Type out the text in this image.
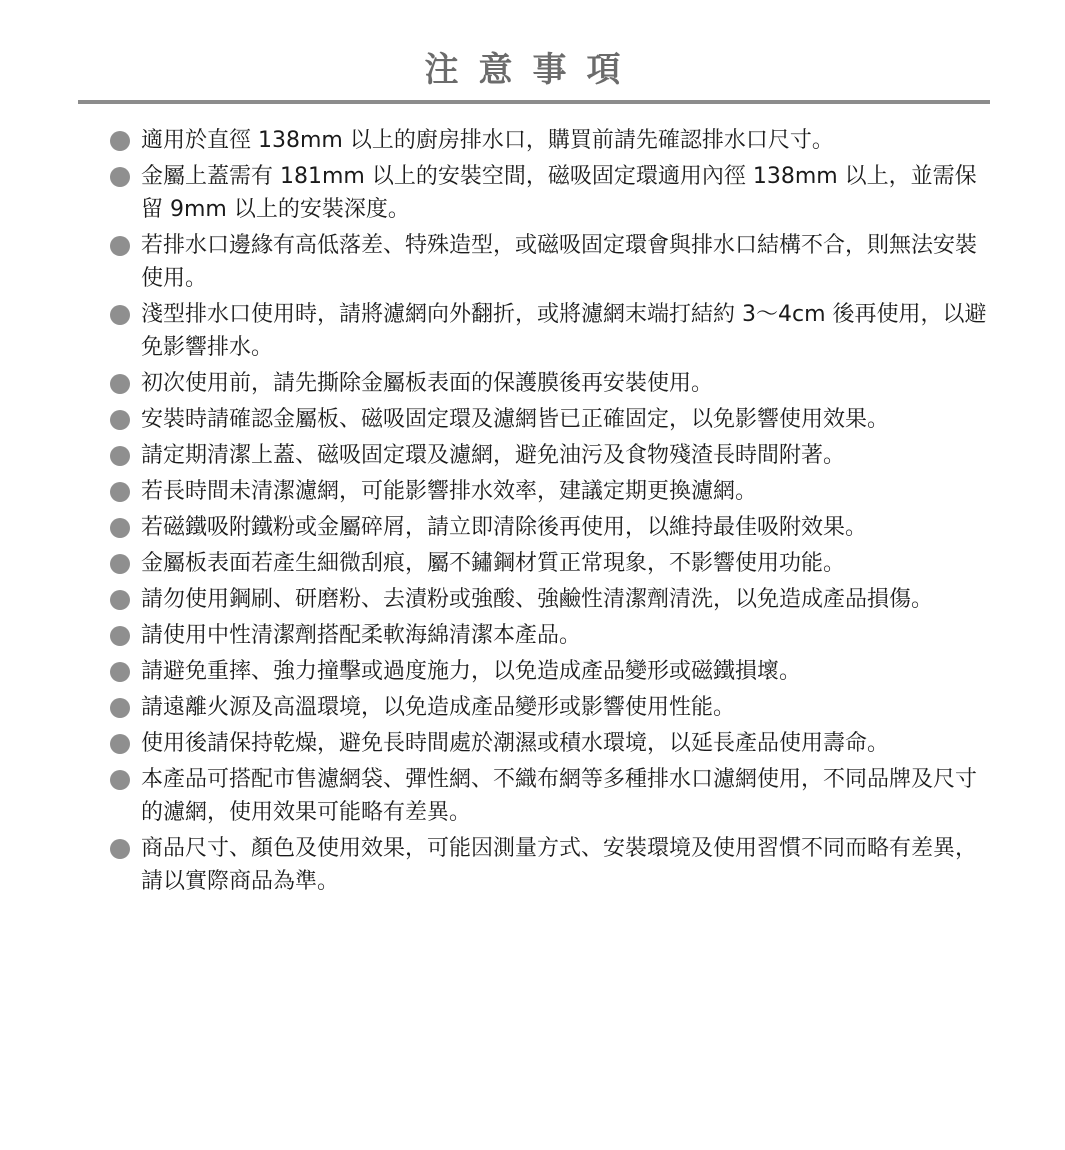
注意事項
適用於直徑 138mm 以上的廚房排水口，購買前請先確認排水口尺寸。
金屬上蓋需有 181mm 以上的安裝空間，磁吸固定環適用內徑 138mm 以上，並需保留 9mm 以上的安裝深度。
若排水口邊緣有高低落差、特殊造型，或磁吸固定環會與排水口結構不合，則無法安裝使用。
淺型排水口使用時，請將濾網向外翻折，或將濾網末端打結約 3～4cm 後再使用，以避免影響排水。
初次使用前，請先撕除金屬板表面的保護膜後再安裝使用。
安裝時請確認金屬板、磁吸固定環及濾網皆已正確固定，以免影響使用效果。
請定期清潔上蓋、磁吸固定環及濾網，避免油污及食物殘渣長時間附著。
若長時間未清潔濾網，可能影響排水效率，建議定期更換濾網。
若磁鐵吸附鐵粉或金屬碎屑，請立即清除後再使用，以維持最佳吸附效果。
金屬板表面若產生細微刮痕，屬不鏽鋼材質正常現象，不影響使用功能。
請勿使用鋼刷、研磨粉、去漬粉或強酸、強鹼性清潔劑清洗，以免造成產品損傷。
請使用中性清潔劑搭配柔軟海綿清潔本產品。
請避免重摔、強力撞擊或過度施力，以免造成產品變形或磁鐵損壞。
請遠離火源及高溫環境，以免造成產品變形或影響使用性能。
使用後請保持乾燥，避免長時間處於潮濕或積水環境，以延長產品使用壽命。
本產品可搭配市售濾網袋、彈性網、不織布網等多種排水口濾網使用，不同品牌及尺寸的濾網，使用效果可能略有差異。
商品尺寸、顏色及使用效果，可能因測量方式、安裝環境及使用習慣不同而略有差異，請以實際商品為準。
